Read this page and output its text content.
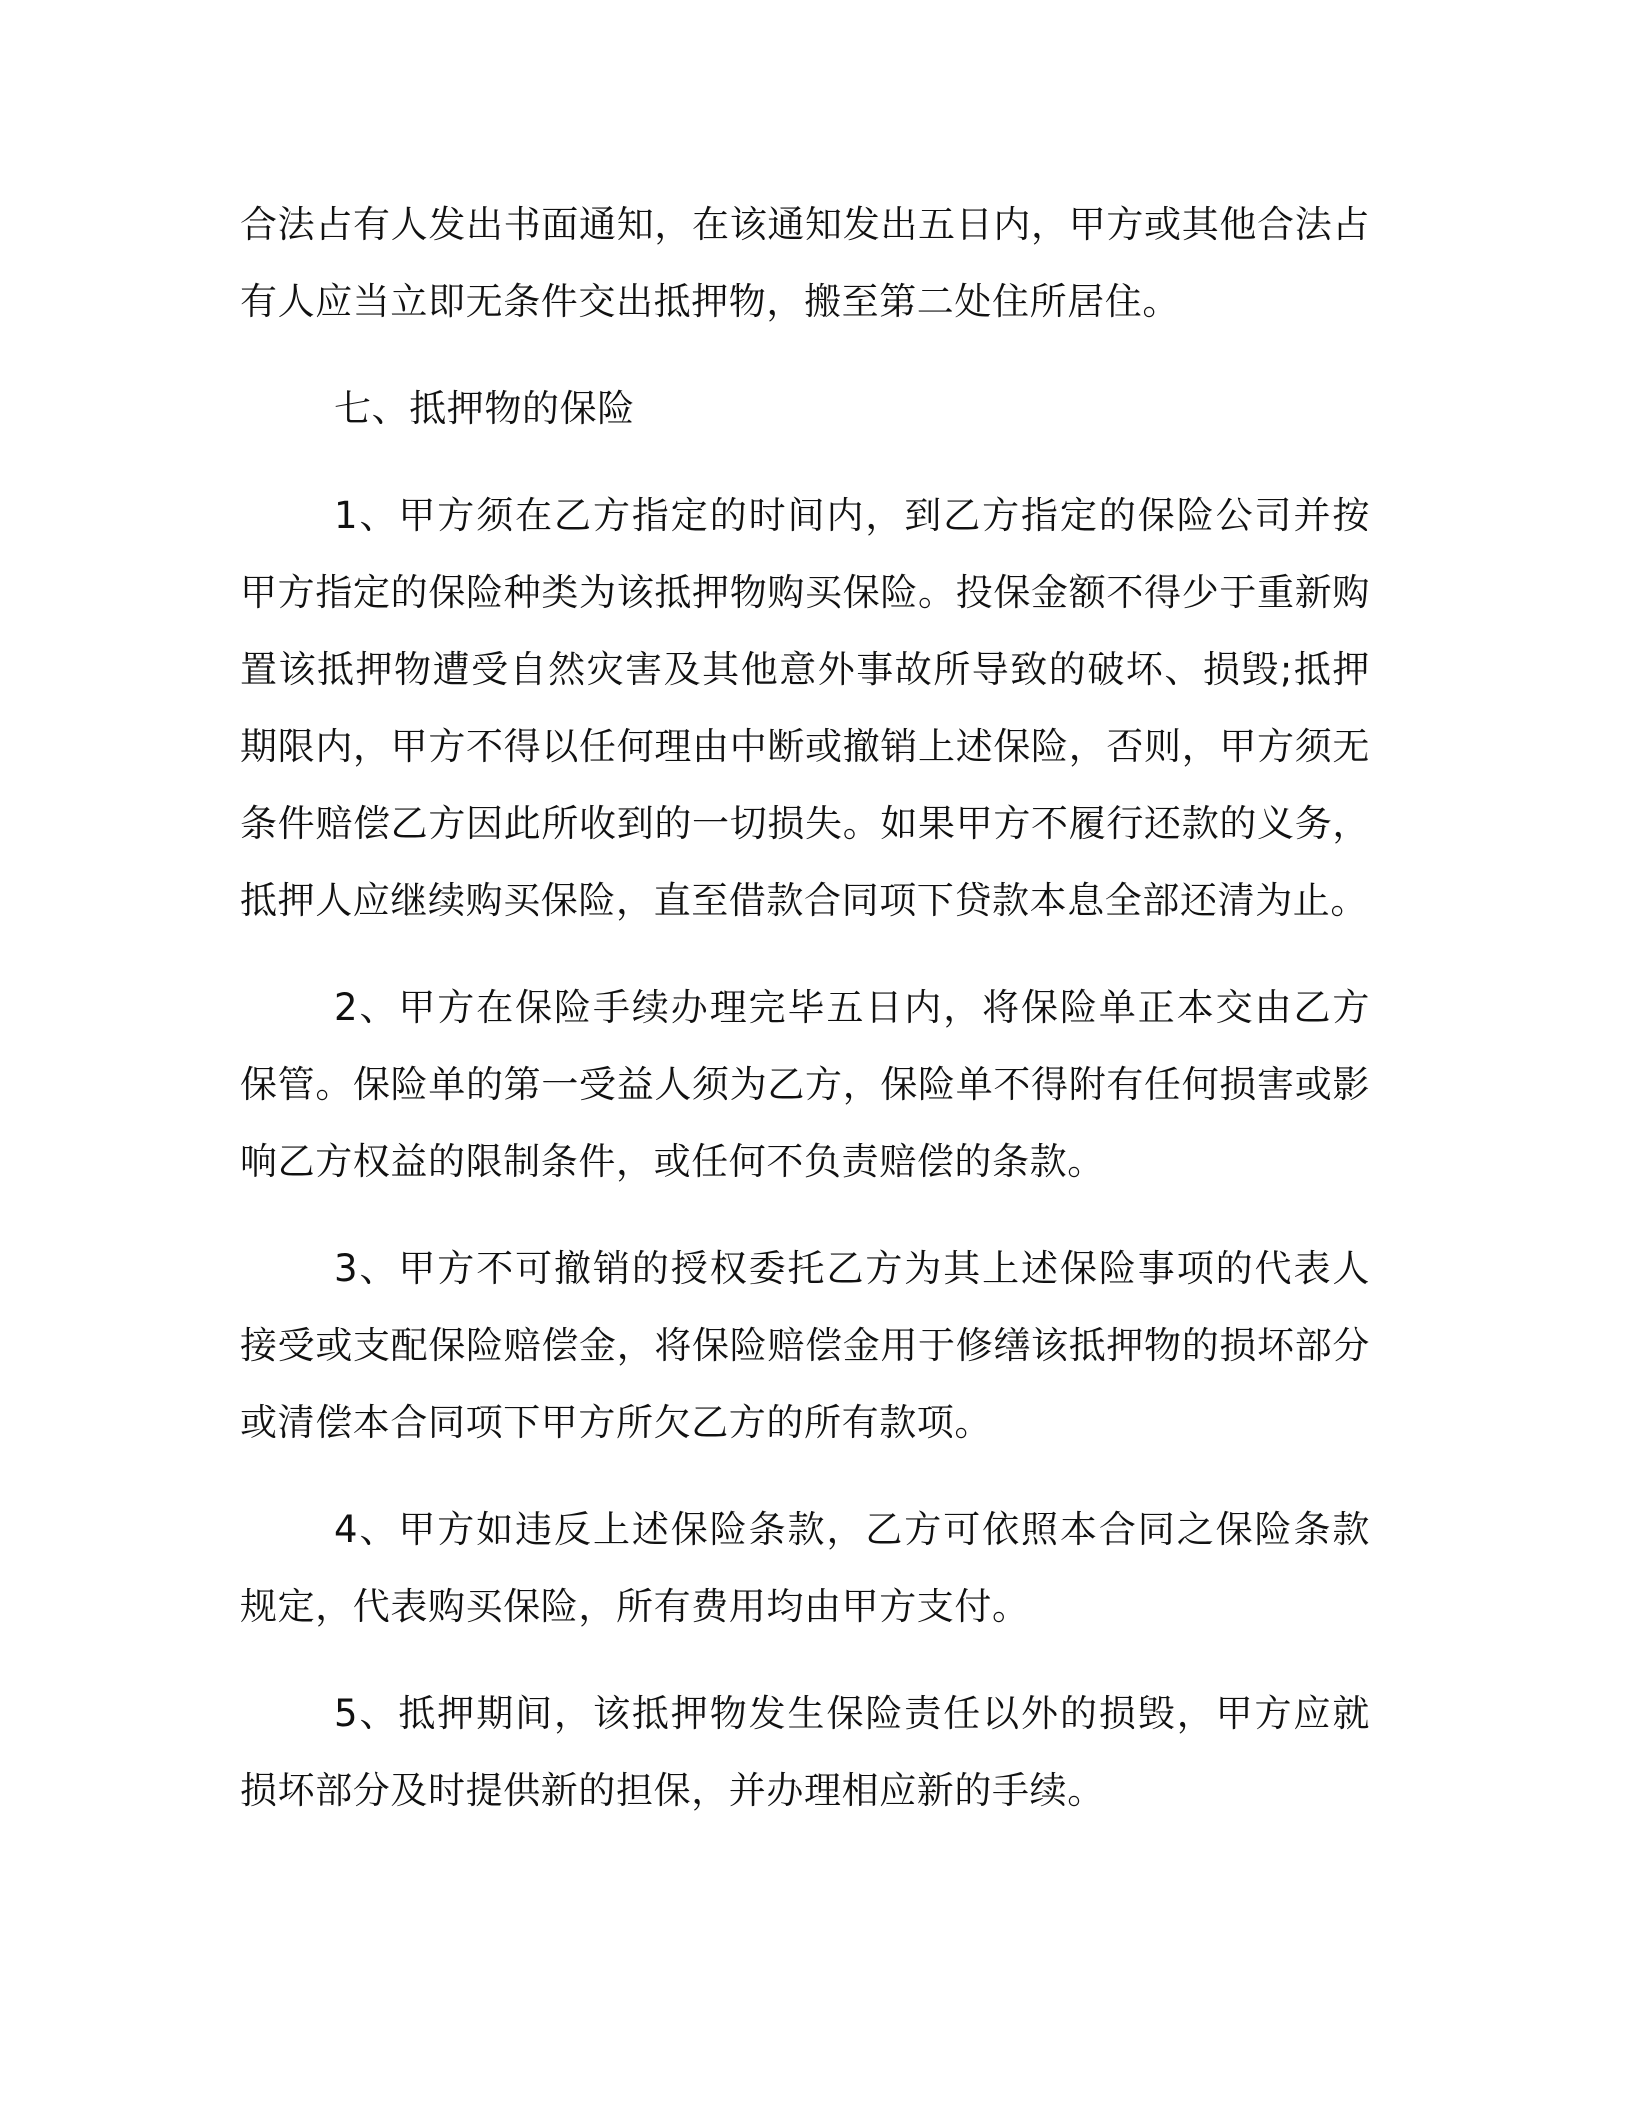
合法占有人发出书面通知，在该通知发出五日内，甲方或其他合法占有人应当立即无条件交出抵押物，搬至第二处住所居住。

七、抵押物的保险

1、甲方须在乙方指定的时间内，到乙方指定的保险公司并按甲方指定的保险种类为该抵押物购买保险。投保金额不得少于重新购置该抵押物遭受自然灾害及其他意外事故所导致的破坏、损毁;抵押期限内，甲方不得以任何理由中断或撤销上述保险，否则，甲方须无条件赔偿乙方因此所收到的一切损失。如果甲方不履行还款的义务，抵押人应继续购买保险，直至借款合同项下贷款本息全部还清为止。

2、甲方在保险手续办理完毕五日内，将保险单正本交由乙方保管。保险单的第一受益人须为乙方，保险单不得附有任何损害或影响乙方权益的限制条件，或任何不负责赔偿的条款。

3、甲方不可撤销的授权委托乙方为其上述保险事项的代表人接受或支配保险赔偿金，将保险赔偿金用于修缮该抵押物的损坏部分或清偿本合同项下甲方所欠乙方的所有款项。

4、甲方如违反上述保险条款，乙方可依照本合同之保险条款规定，代表购买保险，所有费用均由甲方支付。

5、抵押期间，该抵押物发生保险责任以外的损毁，甲方应就损坏部分及时提供新的担保，并办理相应新的手续。
